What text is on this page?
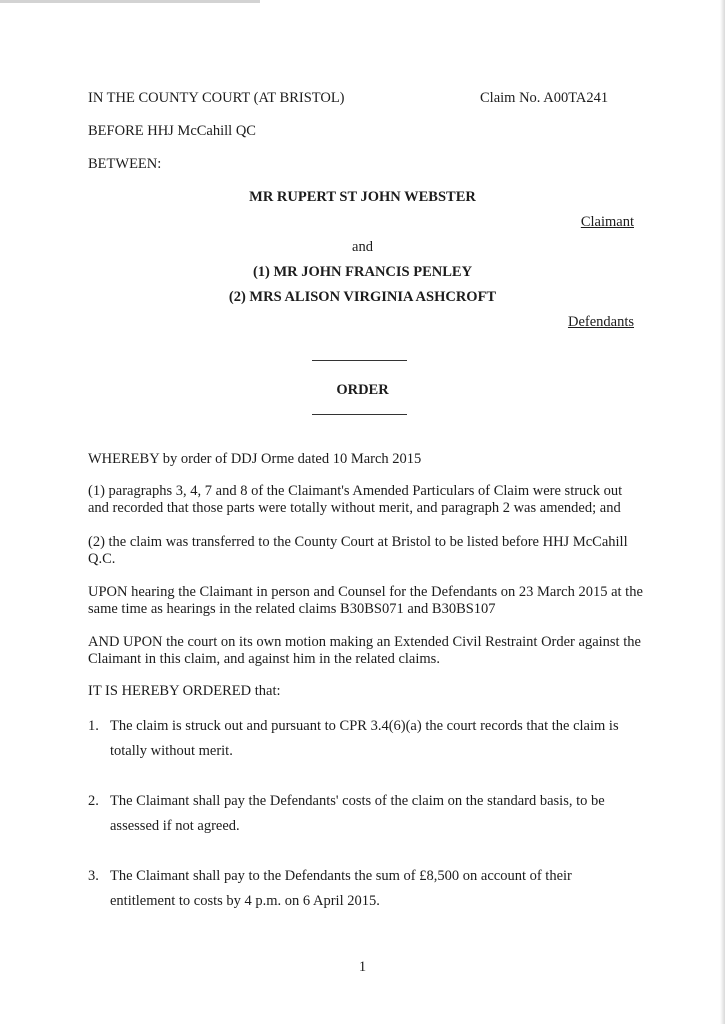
IN THE COUNTY COURT (AT BRISTOL)	Claim No. A00TA241
BEFORE HHJ McCahill QC
BETWEEN:
MR RUPERT ST JOHN WEBSTER
Claimant
and
(1) MR JOHN FRANCIS PENLEY
(2) MRS ALISON VIRGINIA ASHCROFT
Defendants
ORDER
WHEREBY by order of DDJ Orme dated 10 March 2015
(1) paragraphs 3, 4, 7 and 8 of the Claimant's Amended Particulars of Claim were struck out and recorded that those parts were totally without merit, and paragraph 2 was amended; and
(2) the claim was transferred to the County Court at Bristol to be listed before HHJ McCahill Q.C.
UPON hearing the Claimant in person and Counsel for the Defendants on 23 March 2015 at the same time as hearings in the related claims B30BS071 and B30BS107
AND UPON the court on its own motion making an Extended Civil Restraint Order against the Claimant in this claim, and against him in the related claims.
IT IS HEREBY ORDERED that:
1. The claim is struck out and pursuant to CPR 3.4(6)(a) the court records that the claim is totally without merit.
2. The Claimant shall pay the Defendants' costs of the claim on the standard basis, to be assessed if not agreed.
3. The Claimant shall pay to the Defendants the sum of £8,500 on account of their entitlement to costs by 4 p.m. on 6 April 2015.
1
